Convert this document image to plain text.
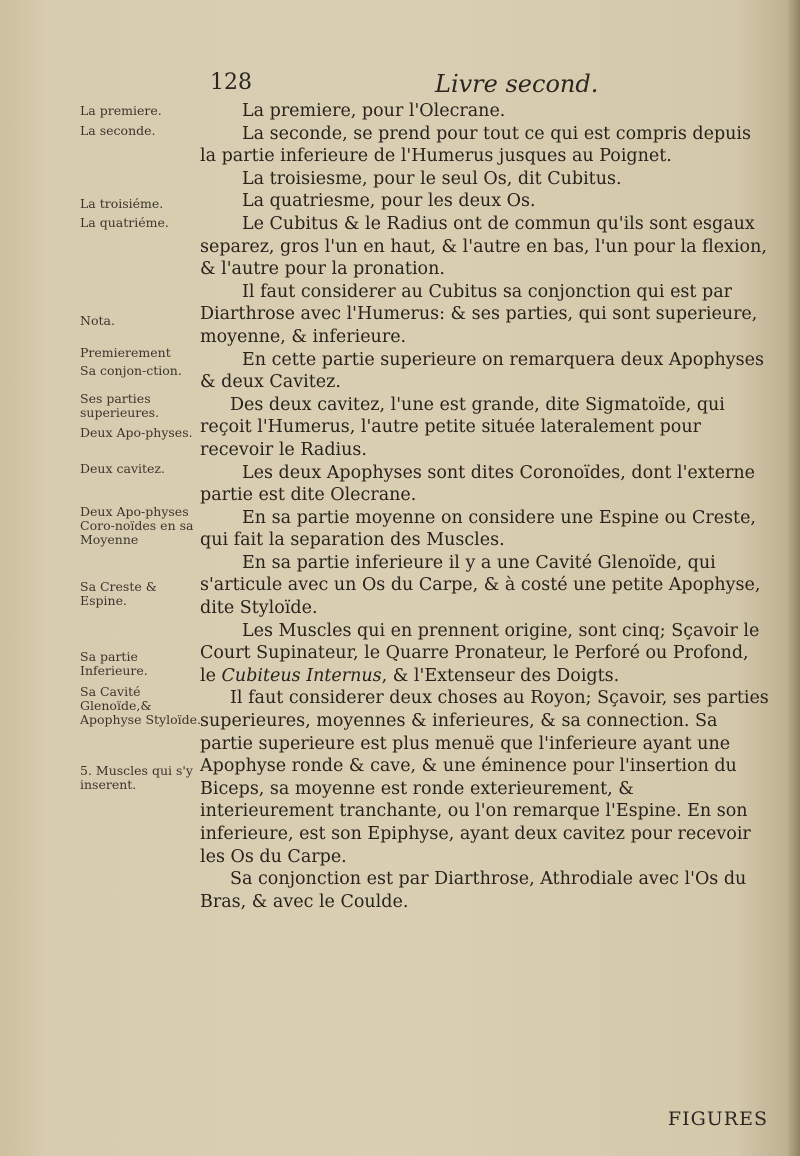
128	Livre second.
La premiere.
La seconde.
La troisiéme.
La quatriéme.
Nota.
Premierement
Sa conjon-ction.
Ses parties superieures.
Deux Apo-physes.
Deux cavitez.
Deux Apo-physes Coro-noïdes en sa Moyenne
Sa Creste & Espine.
Sa partie Inferieure.
Sa Cavité Glenoïde,& Apophyse Styloïde.
5. Muscles qui s'y inserent.

La premiere, pour l'Olecrane.

La seconde, se prend pour tout ce qui est compris depuis la partie inferieure de l'Humerus jusques au Poignet.

La troisiesme, pour le seul Os, dit Cubitus.

La quatriesme, pour les deux Os.

Le Cubitus & le Radius ont de commun qu'ils sont esgaux separez, gros l'un en haut, & l'autre en bas, l'un pour la flexion, & l'autre pour la pronation.

Il faut considerer au Cubitus sa conjonction qui est par Diarthrose avec l'Humerus: & ses parties, qui sont superieure, moyenne, & inferieure.

En cette partie superieure on remarquera deux Apophyses & deux Cavitez.

Des deux cavitez, l'une est grande, dite Sigmatoïde, qui reçoit l'Humerus, l'autre petite située lateralement pour recevoir le Radius.

Les deux Apophyses sont dites Coronoïdes, dont l'externe partie est dite Olecrane.

En sa partie moyenne on considere une Espine ou Creste, qui fait la separation des Muscles.

En sa partie inferieure il y a une Cavité Glenoïde, qui s'articule avec un Os du Carpe, & à costé une petite Apophyse, dite Styloïde.

Les Muscles qui en prennent origine, sont cinq; Sçavoir le Court Supinateur, le Quarre Pronateur, le Perforé ou Profond, le Cubiteus Internus, & l'Extenseur des Doigts.

Il faut considerer deux choses au Royon; Sçavoir, ses parties superieures, moyennes & inferieures, & sa connection. Sa partie superieure est plus menuë que l'inferieure ayant une Apophyse ronde & cave, & une éminence pour l'insertion du Biceps, sa moyenne est ronde exterieurement, & interieurement tranchante, ou l'on remarque l'Espine. En son inferieure, est son Epiphyse, ayant deux cavitez pour recevoir les Os du Carpe.

Sa conjonction est par Diarthrose, Athrodiale avec l'Os du Bras, & avec le Coulde.

FIGURES
